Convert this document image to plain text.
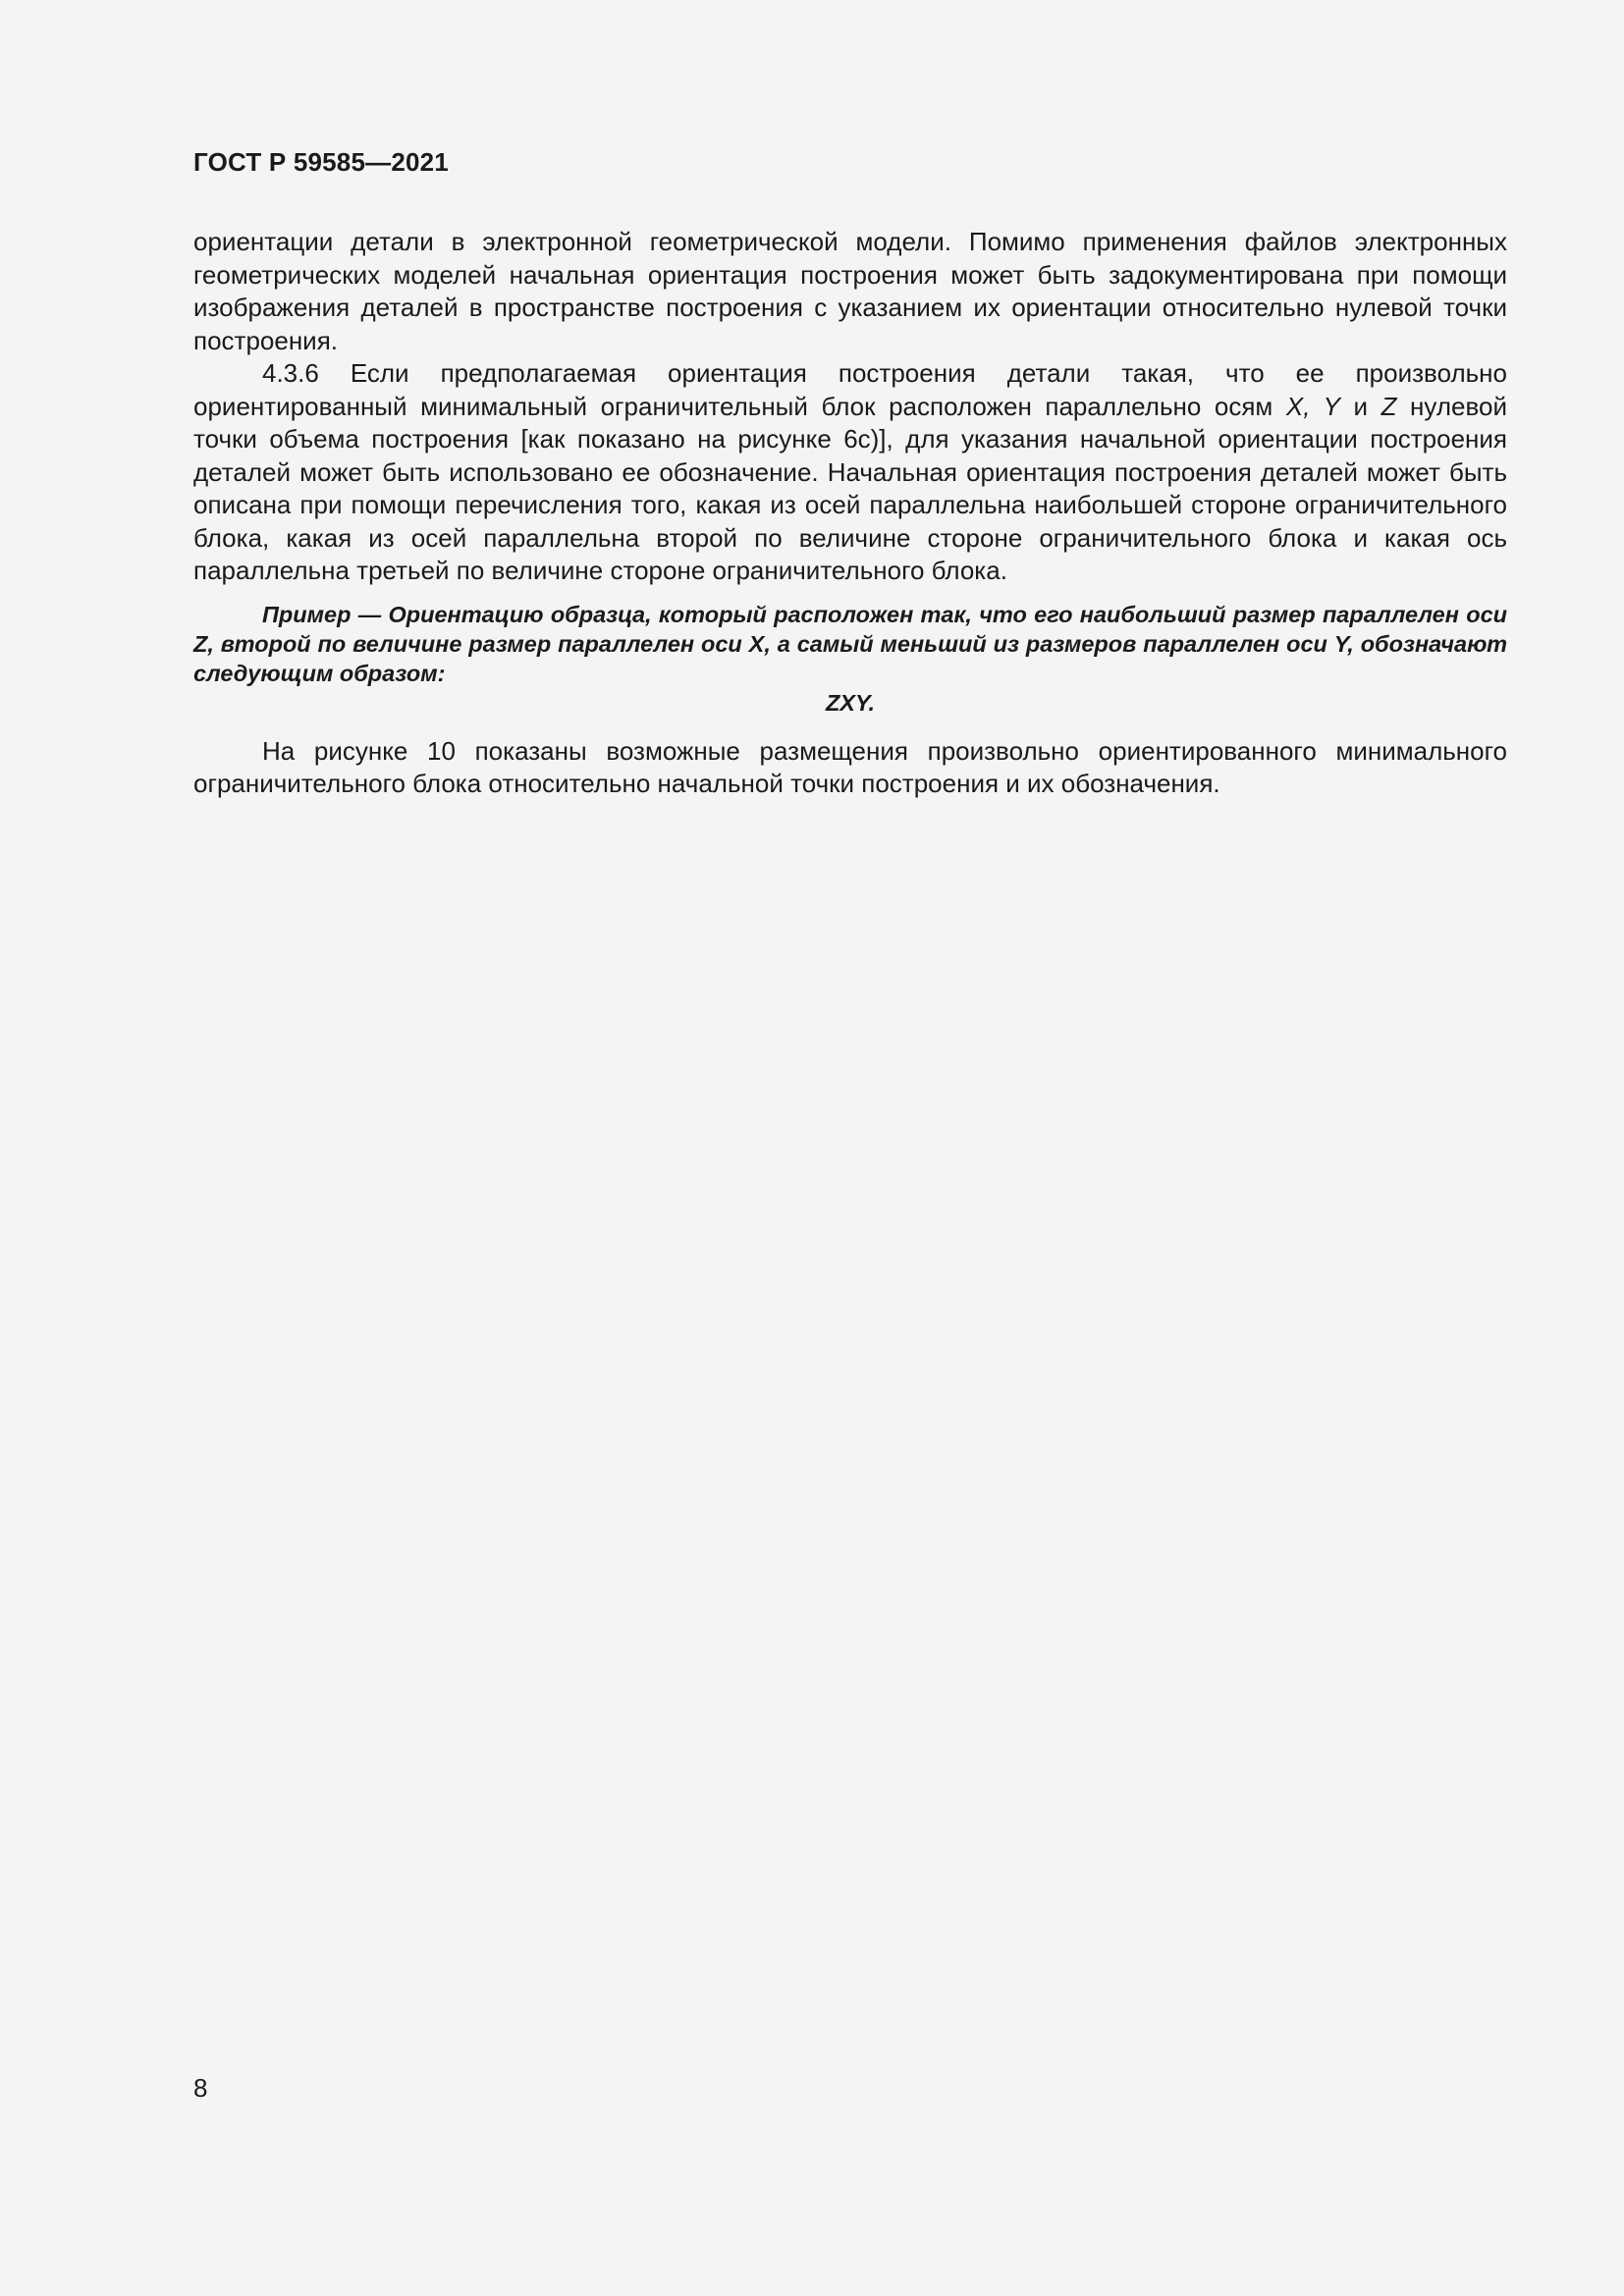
ГОСТ Р 59585—2021

ориентации детали в электронной геометрической модели. Помимо применения файлов электронных геометрических моделей начальная ориентация построения может быть задокументирована при помощи изображения деталей в пространстве построения с указанием их ориентации относительно нулевой точки построения.

4.3.6 Если предполагаемая ориентация построения детали такая, что ее произвольно ориентированный минимальный ограничительный блок расположен параллельно осям X, Y и Z нулевой точки объема построения [как показано на рисунке 6с)], для указания начальной ориентации построения деталей может быть использовано ее обозначение. Начальная ориентация построения деталей может быть описана при помощи перечисления того, какая из осей параллельна наибольшей стороне ограничительного блока, какая из осей параллельна второй по величине стороне ограничительного блока и какая ось параллельна третьей по величине стороне ограничительного блока.

Пример — Ориентацию образца, который расположен так, что его наибольший размер параллелен оси Z, второй по величине размер параллелен оси X, а самый меньший из размеров параллелен оси Y, обозначают следующим образом:

ZXY.

На рисунке 10 показаны возможные размещения произвольно ориентированного минимального ограничительного блока относительно начальной точки построения и их обозначения.

8
